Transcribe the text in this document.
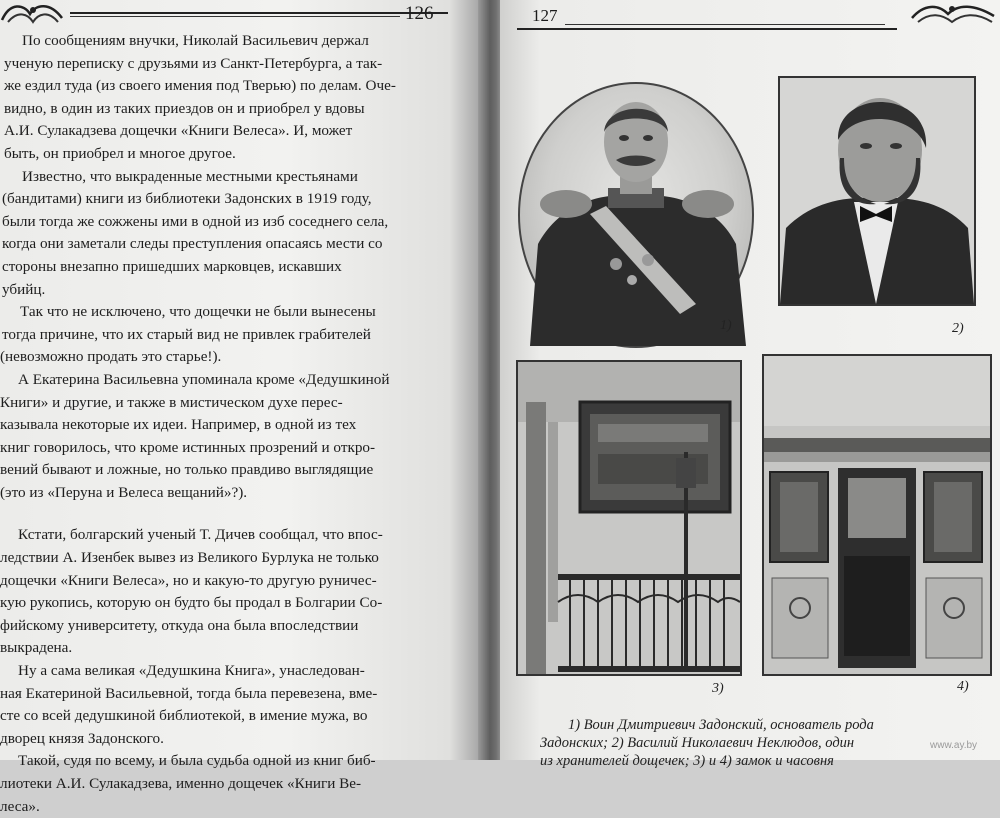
126

По сообщениям внучки, Николай Васильевич держал

ученую переписку с друзьями из Санкт-Петербурга, а так-

же ездил туда (из своего имения под Тверью) по делам. Оче-

видно, в один из таких приездов он и приобрел у вдовы

А.И. Сулакадзева дощечки «Книги Велеса». И, может

быть, он приобрел и многое другое.

Известно, что выкраденные местными крестьянами

(бандитами) книги из библиотеки Задонских в 1919 году,

были тогда же сожжены ими в одной из изб соседнего села,

когда они заметали следы преступления опасаясь мести со

стороны внезапно пришедших марковцев, искавших

убийц.

Так что не исключено, что дощечки не были вынесены

тогда причине, что их старый вид не привлек грабителей

(невозможно продать это старье!).

А Екатерина Васильевна упоминала кроме «Дедушкиной

Книги» и другие, и также в мистическом духе перес-

казывала некоторые их идеи. Например, в одной из тех

книг говорилось, что кроме истинных прозрений и откро-

вений бывают и ложные, но только правдиво выглядящие

(это из «Перуна и Велеса вещаний»?).

Кстати, болгарский ученый Т. Дичев сообщал, что впос-

ледствии А. Изенбек вывез из Великого Бурлука не только

дощечки «Книги Велеса», но и какую-то другую руничес-

кую рукопись, которую он будто бы продал в Болгарии Со-

фийскому университету, откуда она была впоследствии

выкрадена.

Ну а сама великая «Дедушкина Книга», унаследован-

ная Екатериной Васильевной, тогда была перевезена, вме-

сте со всей дедушкиной библиотекой, в имение мужа, во

дворец князя Задонского.

Такой, судя по всему, и была судьба одной из книг биб-

лиотеки А.И. Сулакадзева, именно дощечек «Книги Ве-

леса».

127
1)	2)
3)	4)
1) Воин Дмитриевич Задонский, основатель рода
Задонских; 2) Василий Николаевич Неклюдов, один
из хранителей дощечек; 3) и 4) замок и часовня
www.ay.by
